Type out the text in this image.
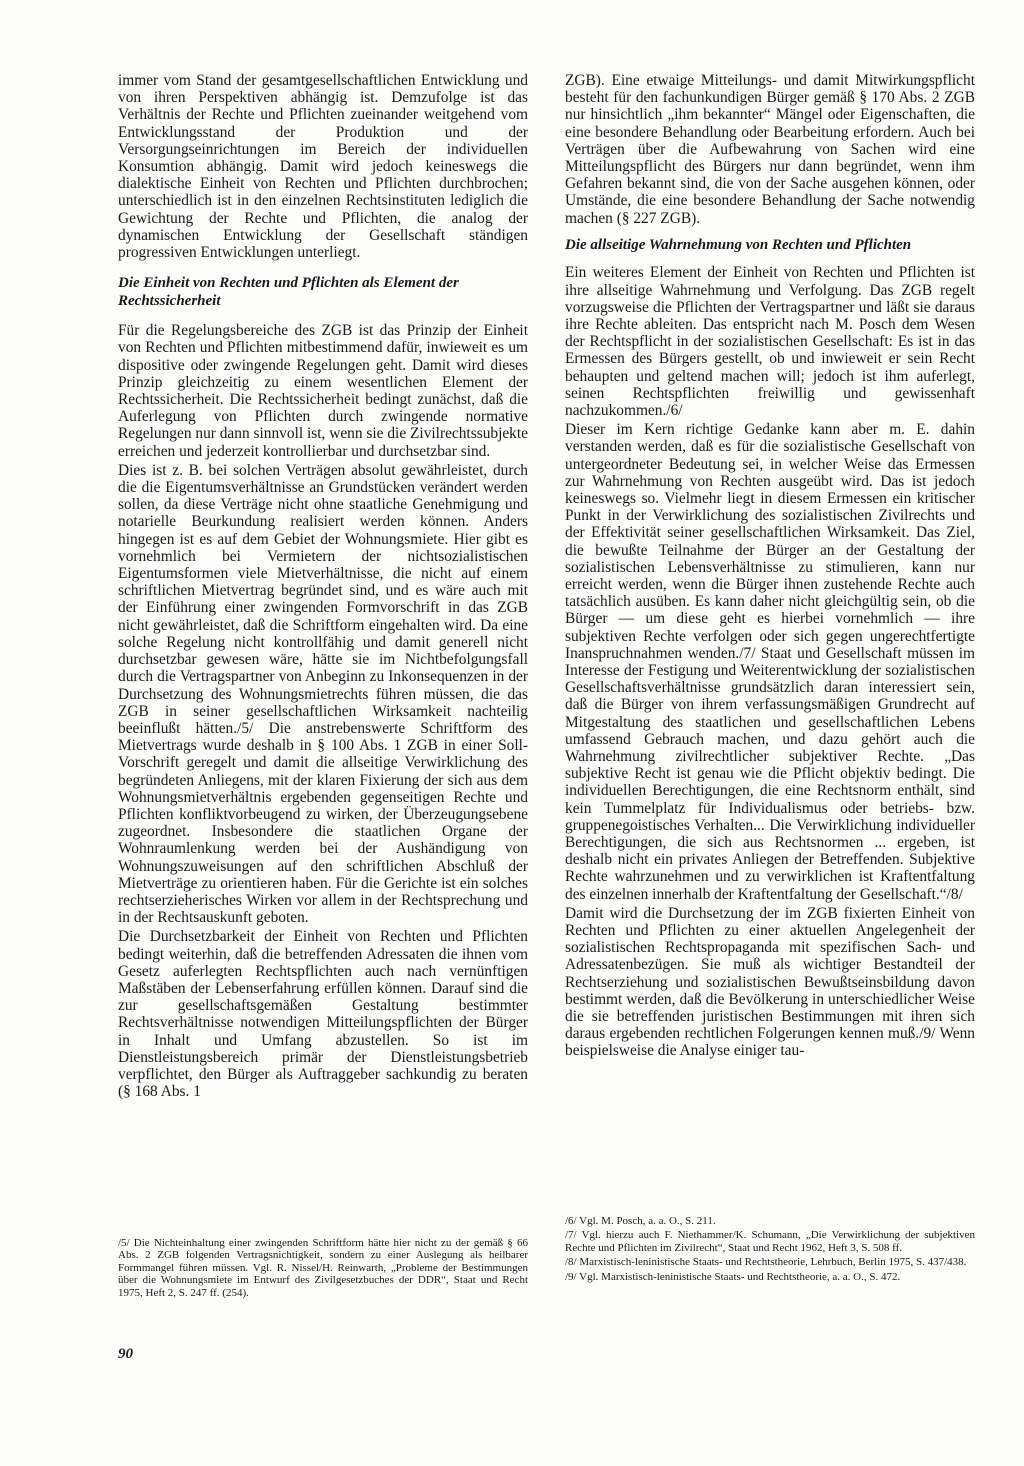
immer vom Stand der gesamtgesellschaftlichen Entwicklung und von ihren Perspektiven abhängig ist. Demzufolge ist das Verhältnis der Rechte und Pflichten zueinander weitgehend vom Entwicklungsstand der Produktion und der Versorgungseinrichtungen im Bereich der individuellen Konsumtion abhängig. Damit wird jedoch keineswegs die dialektische Einheit von Rechten und Pflichten durchbrochen; unterschiedlich ist in den einzelnen Rechtsinstituten lediglich die Gewichtung der Rechte und Pflichten, die analog der dynamischen Entwicklung der Gesellschaft ständigen progressiven Entwicklungen unterliegt.

Die Einheit von Rechten und Pflichten als Element der Rechtssicherheit

Für die Regelungsbereiche des ZGB ist das Prinzip der Einheit von Rechten und Pflichten mitbestimmend dafür, inwieweit es um dispositive oder zwingende Regelungen geht. Damit wird dieses Prinzip gleichzeitig zu einem wesentlichen Element der Rechtssicherheit. Die Rechtssicherheit bedingt zunächst, daß die Auferlegung von Pflichten durch zwingende normative Regelungen nur dann sinnvoll ist, wenn sie die Zivilrechtssubjekte erreichen und jederzeit kontrollierbar und durchsetzbar sind.

Dies ist z. B. bei solchen Verträgen absolut gewährleistet, durch die die Eigentumsverhältnisse an Grundstücken verändert werden sollen, da diese Verträge nicht ohne staatliche Genehmigung und notarielle Beurkundung realisiert werden können. Anders hingegen ist es auf dem Gebiet der Wohnungsmiete. Hier gibt es vornehmlich bei Vermietern der nichtsozialistischen Eigentumsformen viele Mietverhältnisse, die nicht auf einem schriftlichen Mietvertrag begründet sind, und es wäre auch mit der Einführung einer zwingenden Formvorschrift in das ZGB nicht gewährleistet, daß die Schriftform eingehalten wird. Da eine solche Regelung nicht kontrollfähig und damit generell nicht durchsetzbar gewesen wäre, hätte sie im Nichtbefolgungsfall durch die Vertragspartner von Anbeginn zu Inkonsequenzen in der Durchsetzung des Wohnungsmietrechts führen müssen, die das ZGB in seiner gesellschaftlichen Wirksamkeit nachteilig beeinflußt hätten./5/ Die anstrebenswerte Schriftform des Mietvertrags wurde deshalb in § 100 Abs. 1 ZGB in einer Soll-Vorschrift geregelt und damit die allseitige Verwirklichung des begründeten Anliegens, mit der klaren Fixierung der sich aus dem Wohnungsmietverhältnis ergebenden gegenseitigen Rechte und Pflichten konfliktvorbeugend zu wirken, der Überzeugungsebene zugeordnet. Insbesondere die staatlichen Organe der Wohnraumlenkung werden bei der Aushändigung von Wohnungszuweisungen auf den schriftlichen Abschluß der Mietverträge zu orientieren haben. Für die Gerichte ist ein solches rechtserzieherisches Wirken vor allem in der Rechtsprechung und in der Rechtsauskunft geboten.

Die Durchsetzbarkeit der Einheit von Rechten und Pflichten bedingt weiterhin, daß die betreffenden Adressaten die ihnen vom Gesetz auferlegten Rechtspflichten auch nach vernünftigen Maßstäben der Lebenserfahrung erfüllen können. Darauf sind die zur gesellschaftsgemäßen Gestaltung bestimmter Rechtsverhältnisse notwendigen Mitteilungspflichten der Bürger in Inhalt und Umfang abzustellen. So ist im Dienstleistungsbereich primär der Dienstleistungsbetrieb verpflichtet, den Bürger als Auftraggeber sachkundig zu beraten (§ 168 Abs. 1

ZGB). Eine etwaige Mitteilungs- und damit Mitwirkungspflicht besteht für den fachunkundigen Bürger gemäß § 170 Abs. 2 ZGB nur hinsichtlich „ihm bekannter“ Mängel oder Eigenschaften, die eine besondere Behandlung oder Bearbeitung erfordern. Auch bei Verträgen über die Aufbewahrung von Sachen wird eine Mitteilungspflicht des Bürgers nur dann begründet, wenn ihm Gefahren bekannt sind, die von der Sache ausgehen können, oder Umstände, die eine besondere Behandlung der Sache notwendig machen (§ 227 ZGB).

Die allseitige Wahrnehmung von Rechten und Pflichten

Ein weiteres Element der Einheit von Rechten und Pflichten ist ihre allseitige Wahrnehmung und Verfolgung. Das ZGB regelt vorzugsweise die Pflichten der Vertragspartner und läßt sie daraus ihre Rechte ableiten. Das entspricht nach M. Posch dem Wesen der Rechtspflicht in der sozialistischen Gesellschaft: Es ist in das Ermessen des Bürgers gestellt, ob und inwieweit er sein Recht behaupten und geltend machen will; jedoch ist ihm auferlegt, seinen Rechtspflichten freiwillig und gewissenhaft nachzukommen./6/

Dieser im Kern richtige Gedanke kann aber m. E. dahin verstanden werden, daß es für die sozialistische Gesellschaft von untergeordneter Bedeutung sei, in welcher Weise das Ermessen zur Wahrnehmung von Rechten ausgeübt wird. Das ist jedoch keineswegs so. Vielmehr liegt in diesem Ermessen ein kritischer Punkt in der Verwirklichung des sozialistischen Zivilrechts und der Effektivität seiner gesellschaftlichen Wirksamkeit. Das Ziel, die bewußte Teilnahme der Bürger an der Gestaltung der sozialistischen Lebensverhältnisse zu stimulieren, kann nur erreicht werden, wenn die Bürger ihnen zustehende Rechte auch tatsächlich ausüben. Es kann daher nicht gleichgültig sein, ob die Bürger — um diese geht es hierbei vornehmlich — ihre subjektiven Rechte verfolgen oder sich gegen ungerechtfertigte Inanspruchnahmen wenden./7/ Staat und Gesellschaft müssen im Interesse der Festigung und Weiterentwicklung der sozialistischen Gesellschaftsverhältnisse grundsätzlich daran interessiert sein, daß die Bürger von ihrem verfassungsmäßigen Grundrecht auf Mitgestaltung des staatlichen und gesellschaftlichen Lebens umfassend Gebrauch machen, und dazu gehört auch die Wahrnehmung zivilrechtlicher subjektiver Rechte. „Das subjektive Recht ist genau wie die Pflicht objektiv bedingt. Die individuellen Berechtigungen, die eine Rechtsnorm enthält, sind kein Tummelplatz für Individualismus oder betriebs- bzw. gruppenegoistisches Verhalten... Die Verwirklichung individueller Berechtigungen, die sich aus Rechtsnormen ... ergeben, ist deshalb nicht ein privates Anliegen der Betreffenden. Subjektive Rechte wahrzunehmen und zu verwirklichen ist Kraftentfaltung des einzelnen innerhalb der Kraftentfaltung der Gesellschaft.“/8/

Damit wird die Durchsetzung der im ZGB fixierten Einheit von Rechten und Pflichten zu einer aktuellen Angelegenheit der sozialistischen Rechtspropaganda mit spezifischen Sach- und Adressatenbezügen. Sie muß als wichtiger Bestandteil der Rechtserziehung und sozialistischen Bewußtseinsbildung davon bestimmt werden, daß die Bevölkerung in unterschiedlicher Weise die sie betreffenden juristischen Bestimmungen mit ihren sich daraus ergebenden rechtlichen Folgerungen kennen muß./9/ Wenn beispielsweise die Analyse einiger tau-

/5/ Die Nichteinhaltung einer zwingenden Schriftform hätte hier nicht zu der gemäß § 66 Abs. 2 ZGB folgenden Vertragsnichtigkeit, sondern zu einer Auslegung als heilbarer Formmangel führen müssen. Vgl. R. Nissel/H. Reinwarth, „Probleme der Bestimmungen über die Wohnungsmiete im Entwurf des Zivilgesetzbuches der DDR“, Staat und Recht 1975, Heft 2, S. 247 ff. (254).

/6/ Vgl. M. Posch, a. a. O., S. 211.

/7/ Vgl. hierzu auch F. Niethammer/K. Schumann, „Die Verwirklichung der subjektiven Rechte und Pflichten im Zivilrecht“, Staat und Recht 1962, Heft 3, S. 508 ff.

/8/ Marxistisch-leninistische Staats- und Rechtstheorie, Lehrbuch, Berlin 1975, S. 437/438.

/9/ Vgl. Marxistisch-leninistische Staats- und Rechtstheorie, a. a. O., S. 472.

90
